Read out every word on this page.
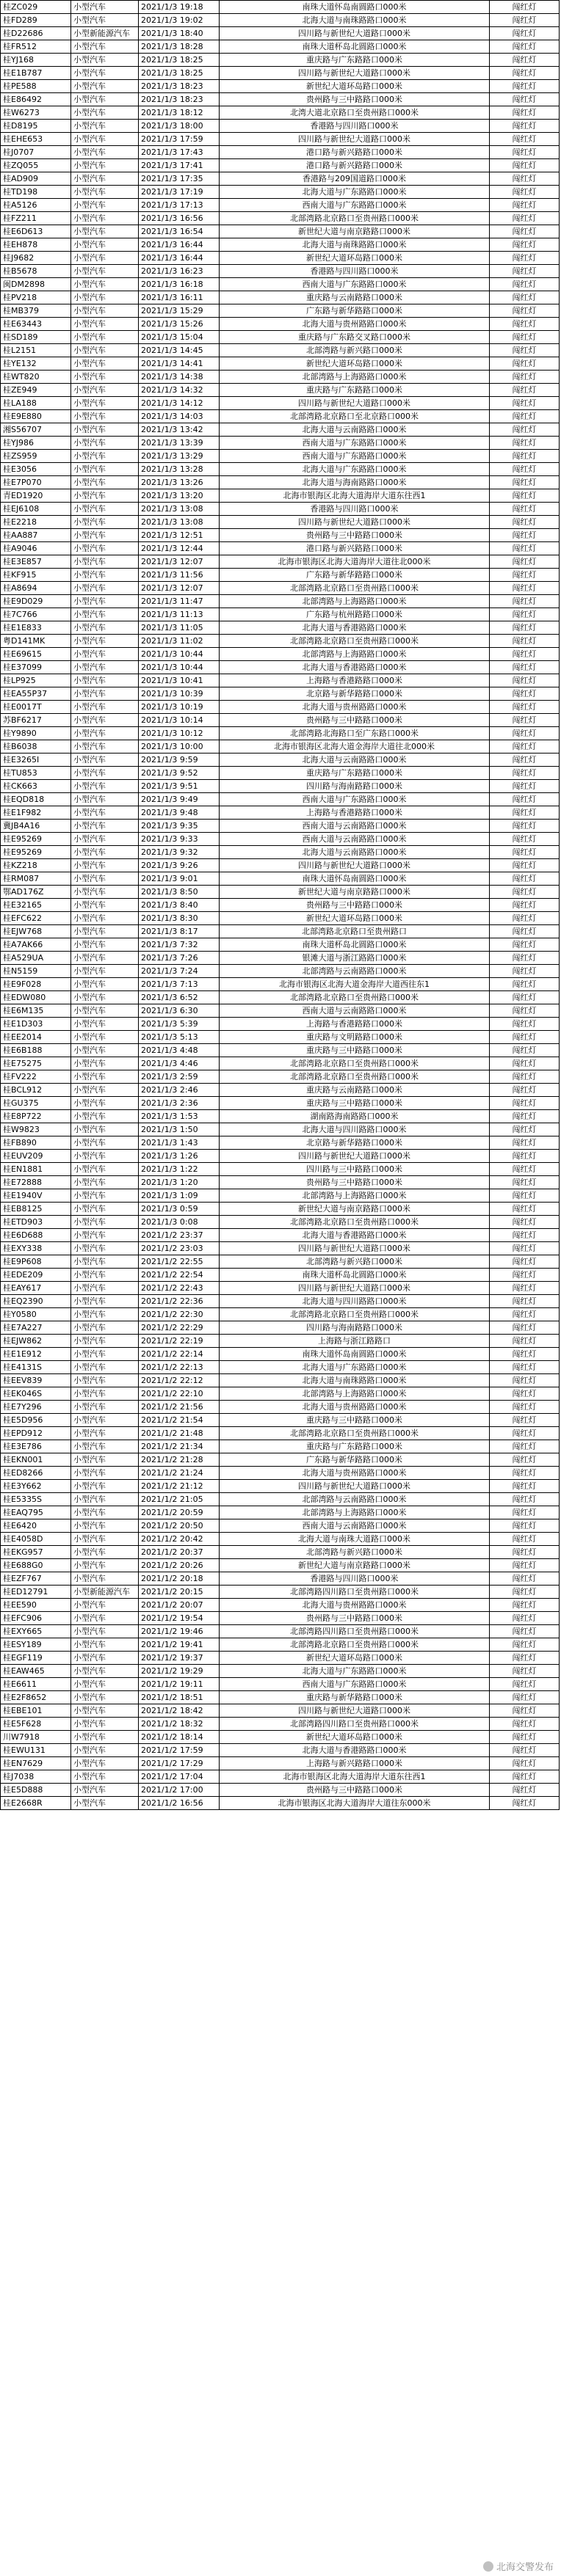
桂ZC029	小型汽车	2021/1/3 19:18	南珠大道怀岛南圆路口000米	闯红灯
桂FD289	小型汽车	2021/1/3 19:02	北海大道与南珠路路口000米	闯红灯
桂D22686	小型新能源汽车	2021/1/3 18:40	四川路与新世纪大道路口000米	闯红灯
桂FR512	小型汽车	2021/1/3 18:28	南珠大道杯岛北圆路口000米	闯红灯
桂YJ168	小型汽车	2021/1/3 18:25	重庆路与广东路路口000米	闯红灯
桂E1B787	小型汽车	2021/1/3 18:25	四川路与新世纪大道路口000米	闯红灯
桂PE588	小型汽车	2021/1/3 18:23	新世纪大道环岛路口000米	闯红灯
桂E86492	小型汽车	2021/1/3 18:23	贵州路与三中路路口000米	闯红灯
桂W6273	小型汽车	2021/1/3 18:12	北湾大道北京路口至贵州路口000米	闯红灯
桂D8195	小型汽车	2021/1/3 18:00	香港路与四川路口000米	闯红灯
桂EHE653	小型汽车	2021/1/3 17:59	四川路与新世纪大道路口000米	闯红灯
桂J0707	小型汽车	2021/1/3 17:43	港口路与新兴路路口000米	闯红灯
桂ZQ055	小型汽车	2021/1/3 17:41	港口路与新兴路路口000米	闯红灯
桂AD909	小型汽车	2021/1/3 17:35	香港路与209国道路口000米	闯红灯
桂TD198	小型汽车	2021/1/3 17:19	北海大道与广东路路口000米	闯红灯
桂A5126	小型汽车	2021/1/3 17:13	西南大道与广东路路口000米	闯红灯
桂FZ211	小型汽车	2021/1/3 16:56	北部湾路北京路口至贵州路口000米	闯红灯
桂E6D613	小型汽车	2021/1/3 16:54	新世纪大道与南京路路口000米	闯红灯
桂EH878	小型汽车	2021/1/3 16:44	北海大道与南珠路路口000米	闯红灯
桂J9682	小型汽车	2021/1/3 16:44	新世纪大道环岛路口000米	闯红灯
桂B5678	小型汽车	2021/1/3 16:23	香港路与四川路口000米	闯红灯
闽DM2898	小型汽车	2021/1/3 16:18	西南大道与广东路路口000米	闯红灯
桂PV218	小型汽车	2021/1/3 16:11	重庆路与云南路路口000米	闯红灯
桂MB379	小型汽车	2021/1/3 15:29	广东路与新华路路口000米	闯红灯
桂E63443	小型汽车	2021/1/3 15:26	北海大道与贵州路路口000米	闯红灯
桂SD189	小型汽车	2021/1/3 15:04	重庆路与广东路交叉路口000米	闯红灯
桂L2151	小型汽车	2021/1/3 14:45	北部湾路与新兴路口000米	闯红灯
桂YE132	小型汽车	2021/1/3 14:41	新世纪大道环岛路口000米	闯红灯
桂WT820	小型汽车	2021/1/3 14:38	北部湾路与上海路路口000米	闯红灯
桂ZE949	小型汽车	2021/1/3 14:32	重庆路与广东路路口000米	闯红灯
桂LA188	小型汽车	2021/1/3 14:12	四川路与新世纪大道路口000米	闯红灯
桂E9E880	小型汽车	2021/1/3 14:03	北部湾路北京路口至北京路口000米	闯红灯
湘S56707	小型汽车	2021/1/3 13:42	北海大道与云南路路口000米	闯红灯
桂YJ986	小型汽车	2021/1/3 13:39	西南大道与广东路路口000米	闯红灯
桂ZS959	小型汽车	2021/1/3 13:29	西南大道与广东路路口000米	闯红灯
桂E3056	小型汽车	2021/1/3 13:28	北海大道与广东路路口000米	闯红灯
桂E7P070	小型汽车	2021/1/3 13:26	北海大道与海南路路口000米	闯红灯
青ED1920	小型汽车	2021/1/3 13:20	北海市银海区北海大道海岸大道东往西1	闯红灯
桂EJ6108	小型汽车	2021/1/3 13:08	香港路与四川路口000米	闯红灯
桂E2218	小型汽车	2021/1/3 13:08	四川路与新世纪大道路口000米	闯红灯
桂AA887	小型汽车	2021/1/3 12:51	贵州路与三中路路口000米	闯红灯
桂A9046	小型汽车	2021/1/3 12:44	港口路与新兴路路口000米	闯红灯
桂E3E857	小型汽车	2021/1/3 12:07	北海市银海区北海大道海岸大道往北000米	闯红灯
桂KF915	小型汽车	2021/1/3 11:56	广东路与新华路路口000米	闯红灯
桂A8694	小型汽车	2021/1/3 12:07	北部湾路北京路口至贵州路口000米	闯红灯
桂E9D029	小型汽车	2021/1/3 11:47	北部湾路与上海路路口000米	闯红灯
桂7C766	小型汽车	2021/1/3 11:13	广东路与杭州路路口000米	闯红灯
桂E1E833	小型汽车	2021/1/3 11:05	北海大道与香港路路口000米	闯红灯
粤D141MK	小型汽车	2021/1/3 11:02	北部湾路北京路口至贵州路口000米	闯红灯
桂E69615	小型汽车	2021/1/3 10:44	北部湾路与上海路路口000米	闯红灯
桂E37099	小型汽车	2021/1/3 10:44	北海大道与香港路路口000米	闯红灯
桂LP925	小型汽车	2021/1/3 10:41	上海路与香港路路口000米	闯红灯
桂EA55P37	小型汽车	2021/1/3 10:39	北京路与新华路路口000米	闯红灯
桂E0017T	小型汽车	2021/1/3 10:19	北海大道与贵州路路口000米	闯红灯
苏BF6217	小型汽车	2021/1/3 10:14	贵州路与三中路路口000米	闯红灯
桂Y9890	小型汽车	2021/1/3 10:12	北部湾路北海路口至广东路口000米	闯红灯
桂B6038	小型汽车	2021/1/3 10:00	北海市银海区北海大道金海岸大道往北000米	闯红灯
桂E3265I	小型汽车	2021/1/3 9:59	北海大道与云南路路口000米	闯红灯
桂TU853	小型汽车	2021/1/3 9:52	重庆路与广东路路口000米	闯红灯
桂CK663	小型汽车	2021/1/3 9:51	四川路与海南路路口000米	闯红灯
桂EQD818	小型汽车	2021/1/3 9:49	西南大道与广东路路口000米	闯红灯
桂E1F982	小型汽车	2021/1/3 9:48	上海路与香港路路口000米	闯红灯
冀JB4A16	小型汽车	2021/1/3 9:35	西南大道与云南路路口000米	闯红灯
桂E95269	小型汽车	2021/1/3 9:33	西南大道与云南路路口000米	闯红灯
桂E95269	小型汽车	2021/1/3 9:32	北海大道与云南路路口000米	闯红灯
桂KZ218	小型汽车	2021/1/3 9:26	四川路与新世纪大道路口000米	闯红灯
桂RM087	小型汽车	2021/1/3 9:01	南珠大道怀岛南圆路口000米	闯红灯
鄂AD176Z	小型汽车	2021/1/3 8:50	新世纪大道与南京路路口000米	闯红灯
桂E32165	小型汽车	2021/1/3 8:40	贵州路与三中路路口000米	闯红灯
桂EFC622	小型汽车	2021/1/3 8:30	新世纪大道环岛路口000米	闯红灯
桂EJW768	小型汽车	2021/1/3 8:17	北部湾路北京路口至贵州路口	闯红灯
桂A7AK66	小型汽车	2021/1/3 7:32	南珠大道杯岛北圆路口000米	闯红灯
桂A529UA	小型汽车	2021/1/3 7:26	银滩大道与浙江路路口000米	闯红灯
桂N5159	小型汽车	2021/1/3 7:24	北部湾路与云南路路口000米	闯红灯
桂E9F028	小型汽车	2021/1/3 7:13	北海市银海区北海大道金海岸大道西往东1	闯红灯
桂EDW080	小型汽车	2021/1/3 6:52	北部湾路北京路口至贵州路口000米	闯红灯
桂E6M135	小型汽车	2021/1/3 6:30	西南大道与云南路路口000米	闯红灯
桂E1D303	小型汽车	2021/1/3 5:39	上海路与香港路路口000米	闯红灯
桂EE2014	小型汽车	2021/1/3 5:13	重庆路与文明路路口000米	闯红灯
桂E6B188	小型汽车	2021/1/3 4:48	重庆路与三中路路口000米	闯红灯
桂E75275	小型汽车	2021/1/3 4:46	北部湾路北京路口至贵州路口000米	闯红灯
桂FV222	小型汽车	2021/1/3 2:59	北部湾路北京路口至贵州路口000米	闯红灯
桂BCL912	小型汽车	2021/1/3 2:46	重庆路与云南路路口000米	闯红灯
桂GU375	小型汽车	2021/1/3 2:36	重庆路与三中路路口000米	闯红灯
桂E8P722	小型汽车	2021/1/3 1:53	湖南路海南路路口000米	闯红灯
桂W9823	小型汽车	2021/1/3 1:50	北海大道与四川路路口000米	闯红灯
桂FB890	小型汽车	2021/1/3 1:43	北京路与新华路路口000米	闯红灯
桂EUV209	小型汽车	2021/1/3 1:26	四川路与新世纪大道路口000米	闯红灯
桂EN1881	小型汽车	2021/1/3 1:22	四川路与三中路路口000米	闯红灯
桂E72888	小型汽车	2021/1/3 1:20	贵州路与三中路路口000米	闯红灯
桂E1940V	小型汽车	2021/1/3 1:09	北部湾路与上海路路口000米	闯红灯
桂EB8125	小型汽车	2021/1/3 0:59	新世纪大道与南京路路口000米	闯红灯
桂ETD903	小型汽车	2021/1/3 0:08	北部湾路北京路口至贵州路口000米	闯红灯
桂E6D688	小型汽车	2021/1/2 23:37	北海大道与香港路路口000米	闯红灯
桂EXY338	小型汽车	2021/1/2 23:03	四川路与新世纪大道路口000米	闯红灯
桂E9P608	小型汽车	2021/1/2 22:55	北部湾路与新兴路口000米	闯红灯
桂EDE209	小型汽车	2021/1/2 22:54	南珠大道杯岛北圆路口000米	闯红灯
桂EAY617	小型汽车	2021/1/2 22:43	四川路与新世纪大道路口000米	闯红灯
桂EQ2390	小型汽车	2021/1/2 22:36	北海大道与四川路路口000米	闯红灯
桂Y0580	小型汽车	2021/1/2 22:30	北部湾路北京路口至贵州路口000米	闯红灯
桂E7A227	小型汽车	2021/1/2 22:29	四川路与海南路路口000米	闯红灯
桂EJW862	小型汽车	2021/1/2 22:19	上海路与浙江路路口	闯红灯
桂E1E912	小型汽车	2021/1/2 22:14	南珠大道怀岛南圆路口000米	闯红灯
桂E4131S	小型汽车	2021/1/2 22:13	北海大道与广东路路口000米	闯红灯
桂EEV839	小型汽车	2021/1/2 22:12	北海大道与南珠路路口000米	闯红灯
桂EK046S	小型汽车	2021/1/2 22:10	北部湾路与上海路路口000米	闯红灯
桂E7Y296	小型汽车	2021/1/2 21:56	北海大道与贵州路路口000米	闯红灯
桂E5D956	小型汽车	2021/1/2 21:54	重庆路与三中路路口000米	闯红灯
桂EPD912	小型汽车	2021/1/2 21:48	北部湾路北京路口至贵州路口000米	闯红灯
桂E3E786	小型汽车	2021/1/2 21:34	重庆路与广东路路口000米	闯红灯
桂EKN001	小型汽车	2021/1/2 21:28	广东路与新华路路口000米	闯红灯
桂ED8266	小型汽车	2021/1/2 21:24	北海大道与贵州路路口000米	闯红灯
桂E3Y662	小型汽车	2021/1/2 21:12	四川路与新世纪大道路口000米	闯红灯
桂E5335S	小型汽车	2021/1/2 21:05	北部湾路与云南路路口000米	闯红灯
桂EAQ795	小型汽车	2021/1/2 20:59	北部湾路与上海路路口000米	闯红灯
桂E6420	小型汽车	2021/1/2 20:50	西南大道与云南路路口000米	闯红灯
桂E4058D	小型汽车	2021/1/2 20:42	北海大道与南珠大道路口000米	闯红灯
桂EKG957	小型汽车	2021/1/2 20:37	北部湾路与新兴路口000米	闯红灯
桂E688G0	小型汽车	2021/1/2 20:26	新世纪大道与南京路路口000米	闯红灯
桂EZF767	小型汽车	2021/1/2 20:18	香港路与四川路口000米	闯红灯
桂ED12791	小型新能源汽车	2021/1/2 20:15	北部湾路四川路口至贵州路口000米	闯红灯
桂EE590	小型汽车	2021/1/2 20:07	北海大道与贵州路路口000米	闯红灯
桂EFC906	小型汽车	2021/1/2 19:54	贵州路与三中路路口000米	闯红灯
桂EXY665	小型汽车	2021/1/2 19:46	北部湾路四川路口至贵州路口000米	闯红灯
桂ESY189	小型汽车	2021/1/2 19:41	北部湾路北京路口至贵州路口000米	闯红灯
桂EGF119	小型汽车	2021/1/2 19:37	新世纪大道环岛路口000米	闯红灯
桂EAW465	小型汽车	2021/1/2 19:29	北海大道与广东路路口000米	闯红灯
桂E6611	小型汽车	2021/1/2 19:11	西南大道与广东路路口000米	闯红灯
桂E2F8652	小型汽车	2021/1/2 18:51	重庆路与新华路路口000米	闯红灯
桂EBE101	小型汽车	2021/1/2 18:42	四川路与新世纪大道路口000米	闯红灯
桂E5F628	小型汽车	2021/1/2 18:32	北部湾路四川路口至贵州路口000米	闯红灯
川W7918	小型汽车	2021/1/2 18:14	新世纪大道环岛路口000米	闯红灯
桂EWU131	小型汽车	2021/1/2 17:59	北海大道与香港路路口000米	闯红灯
桂EN7629	小型汽车	2021/1/2 17:29	上海路与新兴路路口000米	闯红灯
桂J7038	小型汽车	2021/1/2 17:04	北海市银海区北海大道海岸大道东往西1	闯红灯
桂E5D888	小型汽车	2021/1/2 17:00	贵州路与三中路路口000米	闯红灯
桂E2668R	小型汽车	2021/1/2 16:56	北海市银海区北海大道海岸大道往东000米	闯红灯
北海交警发布
